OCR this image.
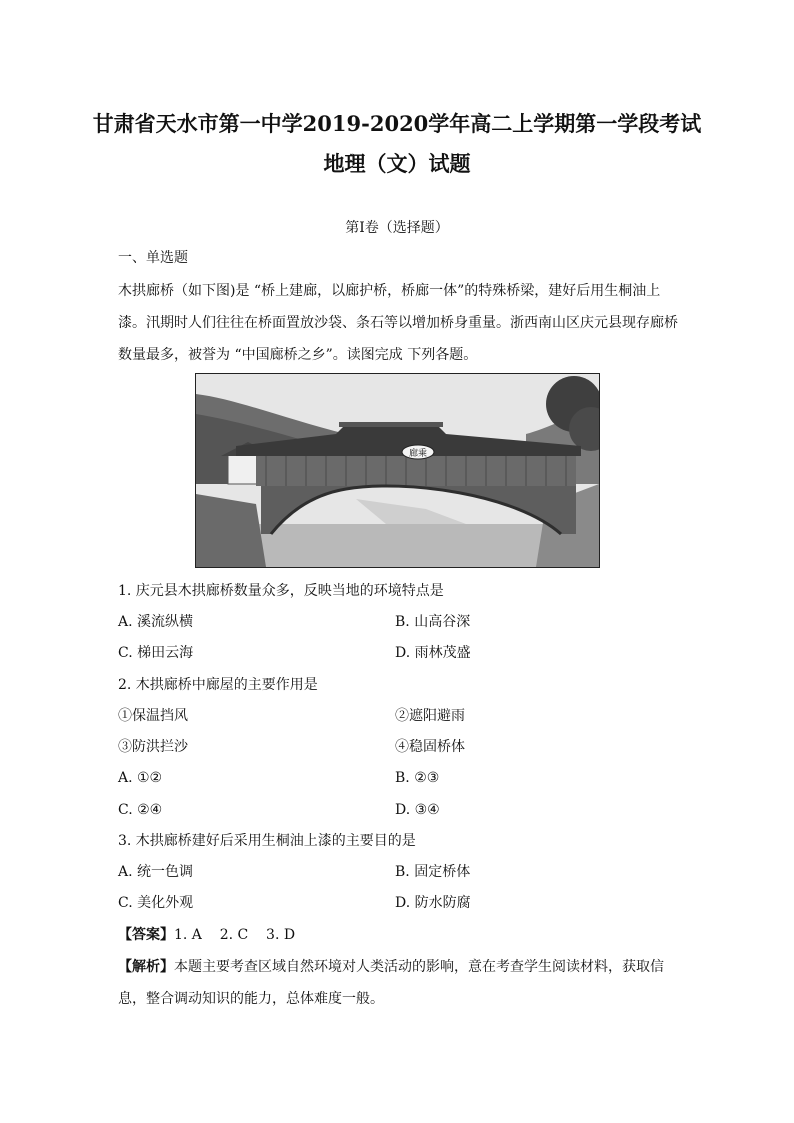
甘肃省天水市第一中学2019-2020学年高二上学期第一学段考试
地理（文）试题
第I卷（选择题）
一、单选题
木拱廊桥（如下图)是 “桥上建廊，以廊护桥，桥廊一体”的特殊桥梁，建好后用生桐油上漆。汛期时人们往往在桥面置放沙袋、条石等以增加桥身重量。浙西南山区庆元县现存廊桥数量最多，被誉为 “中国廊桥之乡”。读图完成 下列各题。
廊乘
1. 庆元县木拱廊桥数量众多，反映当地的环境特点是
A. 溪流纵横	B. 山高谷深
C. 梯田云海	D. 雨林茂盛
2. 木拱廊桥中廊屋的主要作用是
①保温挡风	②遮阳避雨
③防洪拦沙	④稳固桥体
A. ①②	B. ②③
C. ②④	D. ③④
3. 木拱廊桥建好后采用生桐油上漆的主要目的是
A. 统一色调	B. 固定桥体
C. 美化外观	D. 防水防腐
【答案】1. A    2. C    3. D
【解析】本题主要考查区域自然环境对人类活动的影响，意在考查学生阅读材料，获取信息，整合调动知识的能力，总体难度一般。
